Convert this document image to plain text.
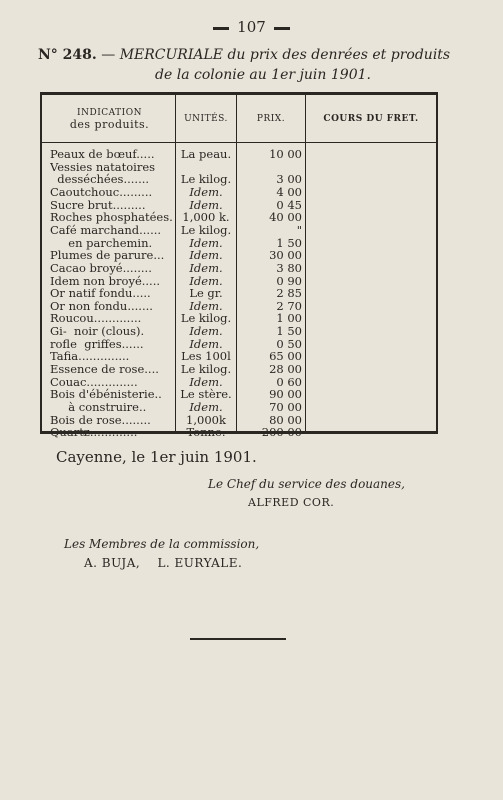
107
N° 248. — MERCURIALE du prix des denrées et produits
de la colonie au 1er juin 1901.
INDICATION
des produits.	UNITÉS.	PRIX.	COURS DU FRET.
Peaux de bœuf.....	La peau.	10 00
Vessies natatoires
desséchées.......	Le kilog.	3 00
Caoutchouc.........	Idem.	4 00
Sucre brut.........	Idem.	0 45
Roches phosphatées. 1,000 k.	40 00
Café marchand......	Le kilog.	"
en parchemin.	Idem.	1 50
Plumes de parure...	Idem.	30 00
Cacao broyé........	Idem.	3 80
Idem non broyé.....	Idem.	0 90
Or natif fondu.....	Le gr.	2 85
Or non fondu.......	Idem.	2 70
Roucou.............	Le kilog.	1 00
Gi-  noir (clous).	Idem.	1 50
rofle  griffes......	Idem.	0 50
Tafia..............	Les 100l	65 00
Essence de rose....	Le kilog.	28 00
Couac..............	Idem.	0 60
Bois d'ébénisterie..	Le stère.	90 00
à construire..	Idem.	70 00
Bois de rose........	1,000k	80 00
Quartz.............	Tonne.	200 00
Cayenne, le 1er juin 1901.
Le Chef du service des douanes,
ALFRED COR.
Les Membres de la commission,
A. BUJA,    L. EURYALE.
